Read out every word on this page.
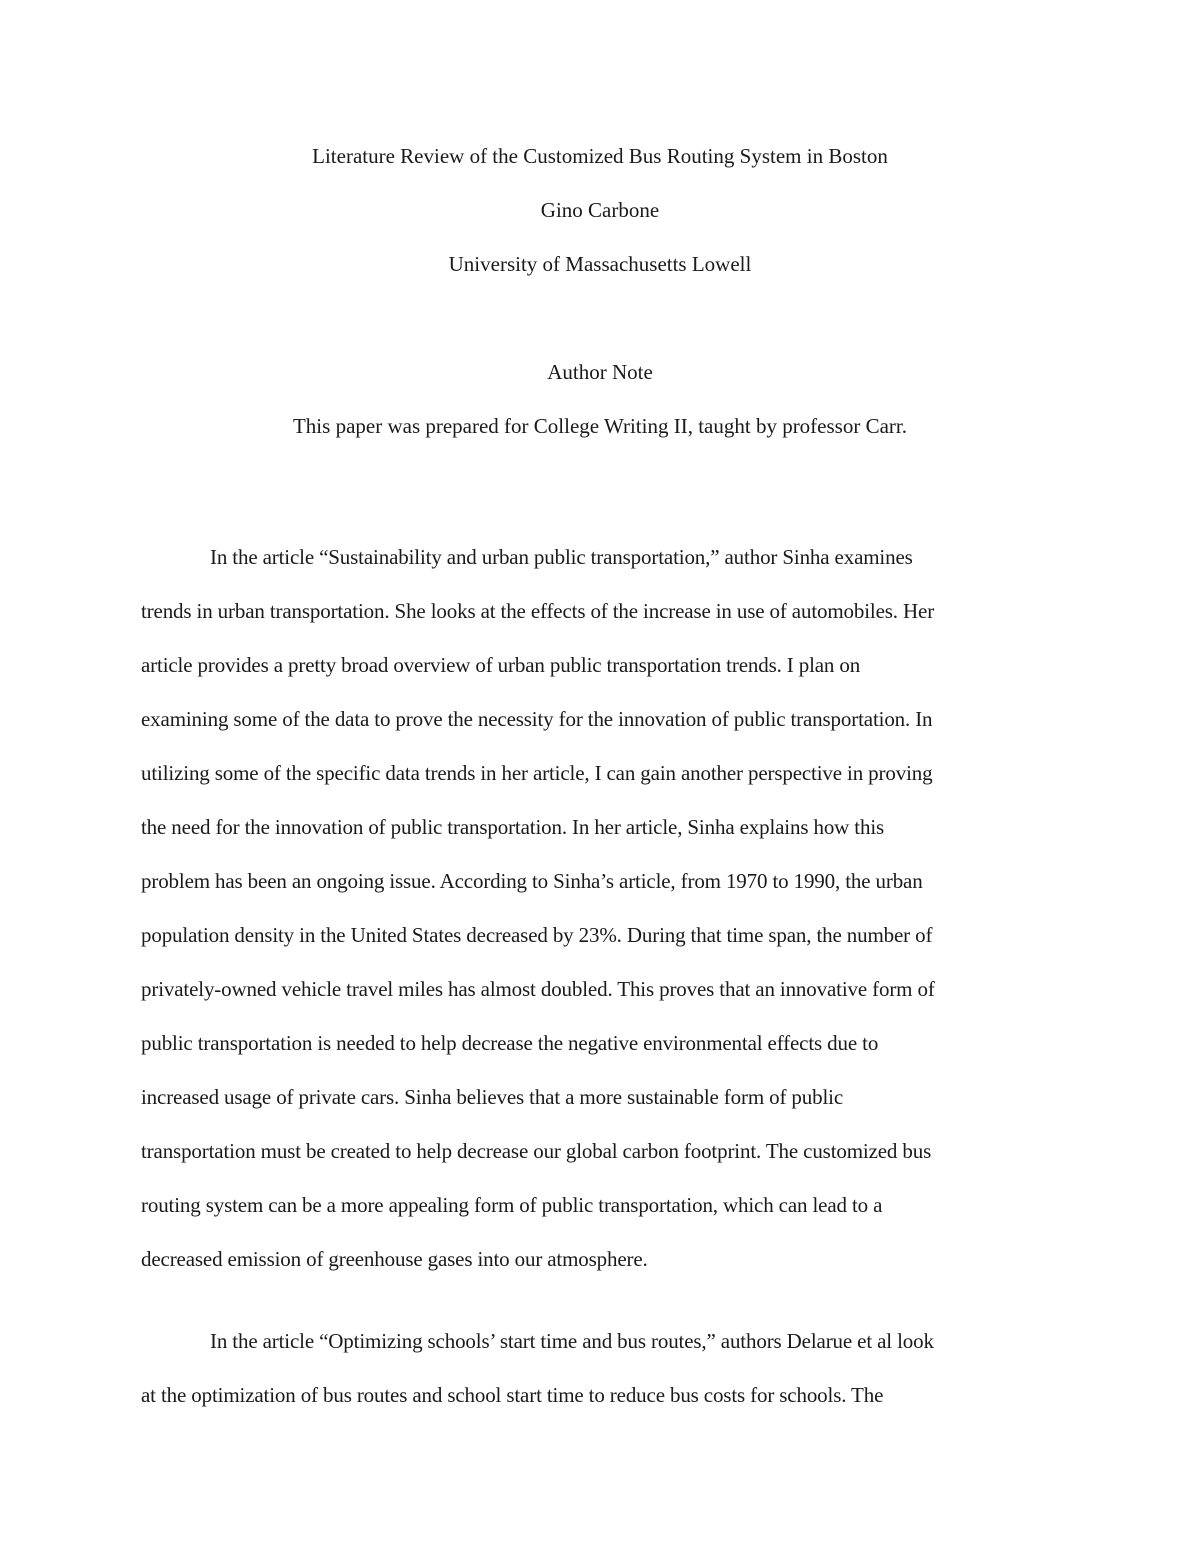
Literature Review of the Customized Bus Routing System in Boston
Gino Carbone
University of Massachusetts Lowell
Author Note
This paper was prepared for College Writing II, taught by professor Carr.
In the article “Sustainability and urban public transportation,” author Sinha examines
trends in urban transportation. She looks at the effects of the increase in use of automobiles. Her
article provides a pretty broad overview of urban public transportation trends. I plan on
examining some of the data to prove the necessity for the innovation of public transportation. In
utilizing some of the specific data trends in her article, I can gain another perspective in proving
the need for the innovation of public transportation. In her article, Sinha explains how this
problem has been an ongoing issue. According to Sinha’s article, from 1970 to 1990, the urban
population density in the United States decreased by 23%. During that time span, the number of
privately-owned vehicle travel miles has almost doubled. This proves that an innovative form of
public transportation is needed to help decrease the negative environmental effects due to
increased usage of private cars. Sinha believes that a more sustainable form of public
transportation must be created to help decrease our global carbon footprint. The customized bus
routing system can be a more appealing form of public transportation, which can lead to a
decreased emission of greenhouse gases into our atmosphere.
In the article “Optimizing schools’ start time and bus routes,” authors Delarue et al look
at the optimization of bus routes and school start time to reduce bus costs for schools. The
